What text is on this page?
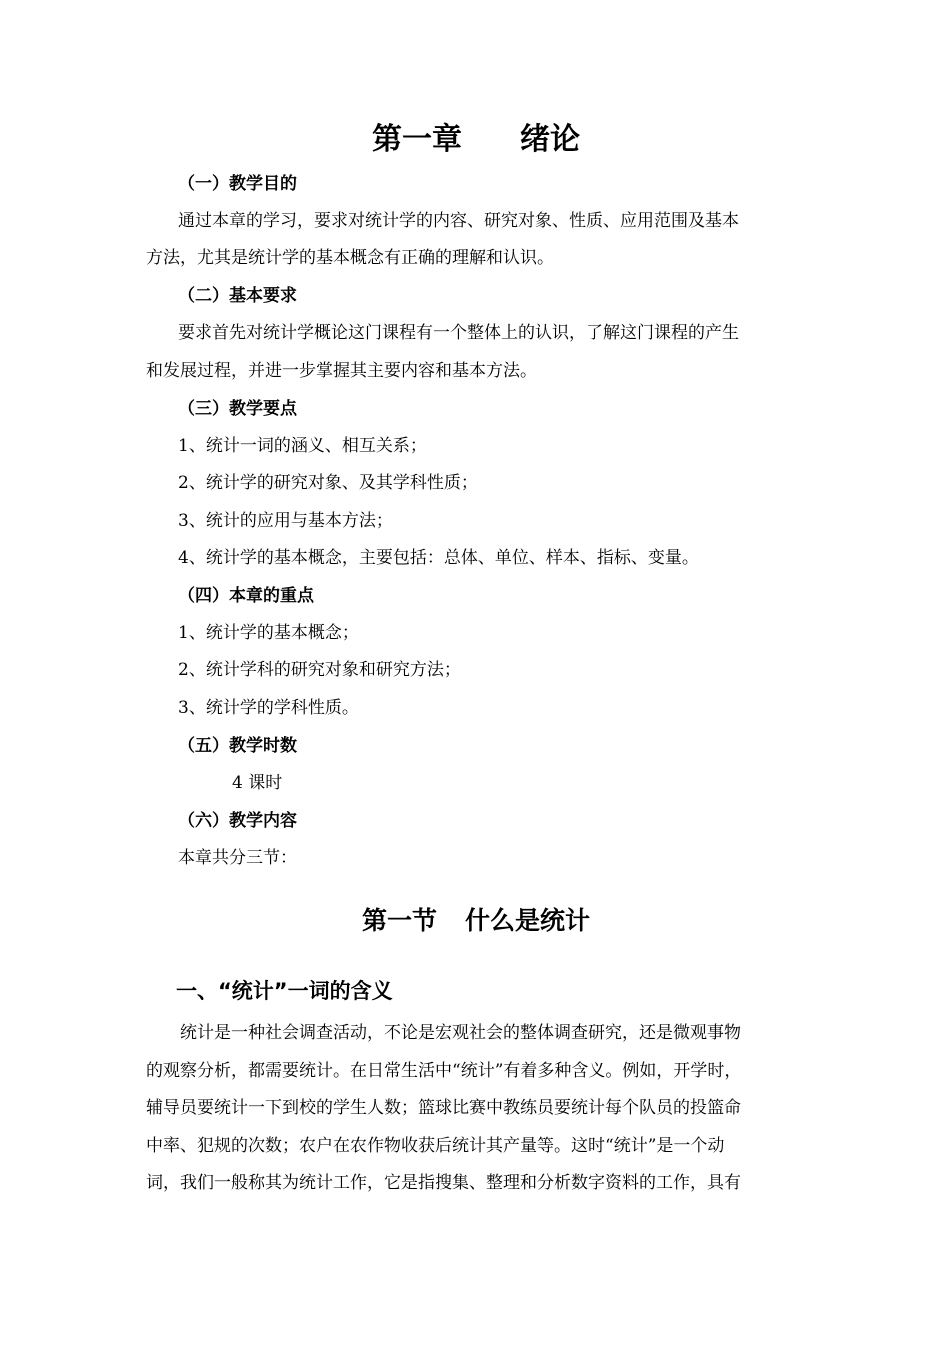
第一章 绪论
（一）教学目的
通过本章的学习，要求对统计学的内容、研究对象、性质、应用范围及基本
方法，尤其是统计学的基本概念有正确的理解和认识。
（二）基本要求
要求首先对统计学概论这门课程有一个整体上的认识，了解这门课程的产生
和发展过程，并进一步掌握其主要内容和基本方法。
（三）教学要点
1、统计一词的涵义、相互关系；
2、统计学的研究对象、及其学科性质；
3、统计的应用与基本方法；
4、统计学的基本概念，主要包括：总体、单位、样本、指标、变量。
（四）本章的重点
1、统计学的基本概念；
2、统计学科的研究对象和研究方法；
3、统计学的学科性质。
（五）教学时数
4 课时
（六）教学内容
本章共分三节：
第一节 什么是统计
一、“统计”一词的含义
统计是一种社会调查活动，不论是宏观社会的整体调查研究，还是微观事物
的观察分析，都需要统计。在日常生活中“统计”有着多种含义。例如，开学时，
辅导员要统计一下到校的学生人数；篮球比赛中教练员要统计每个队员的投篮命
中率、犯规的次数；农户在农作物收获后统计其产量等。这时“统计”是一个动
词，我们一般称其为统计工作，它是指搜集、整理和分析数字资料的工作，具有
